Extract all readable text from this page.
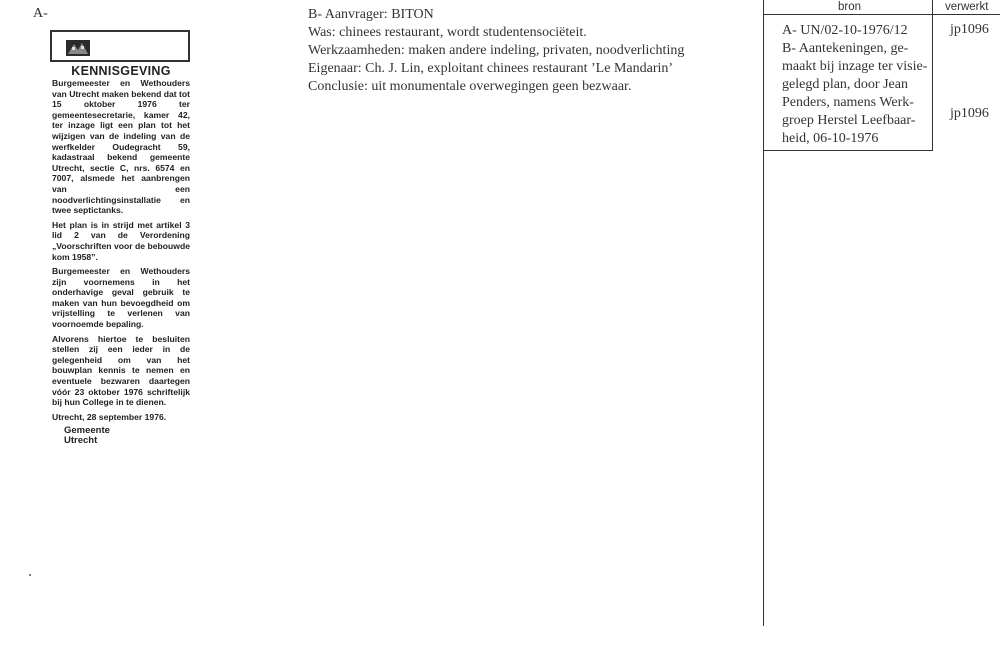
A-
KENNISGEVING

Burgemeester en Wethouders van Utrecht maken bekend dat tot 15 oktober 1976 ter gemeentesecretarie, kamer 42, ter inzage ligt een plan tot het wijzigen van de indeling van de werfkelder Oudegracht 59, kadastraal bekend gemeente Utrecht, sectie C, nrs. 6574 en 7007, alsmede het aanbrengen van een noodverlichtingsinstallatie en twee septictanks.

Het plan is in strijd met artikel 3 lid 2 van de Verordening „Voorschriften voor de bebouwde kom 1958”.

Burgemeester en Wethouders zijn voornemens in het onderhavige geval gebruik te maken van hun bevoegdheid om vrijstelling te verlenen van voornoemde bepaling.

Alvorens hiertoe te besluiten stellen zij een ieder in de gelegenheid om van het bouwplan kennis te nemen en eventuele bezwaren daartegen vóór 23 oktober 1976 schriftelijk bij hun College in te dienen.

Utrecht, 28 september 1976.
Gemeente
Utrecht
B- Aanvrager: BITON
Was: chinees restaurant, wordt studentensociëteit.
Werkzaamheden: maken andere indeling, privaten, noodverlichting
Eigenaar: Ch. J. Lin, exploitant chinees restaurant ’Le Mandarin’
Conclusie: uit monumentale overwegingen geen bezwaar.
bron	verwerkt
A- UN/02-10-1976/12
B- Aantekeningen, ge-
maakt bij inzage ter visie-
gelegd plan, door Jean
Penders, namens Werk-
groep Herstel Leefbaar-
heid, 06-10-1976
jp1096
jp1096
